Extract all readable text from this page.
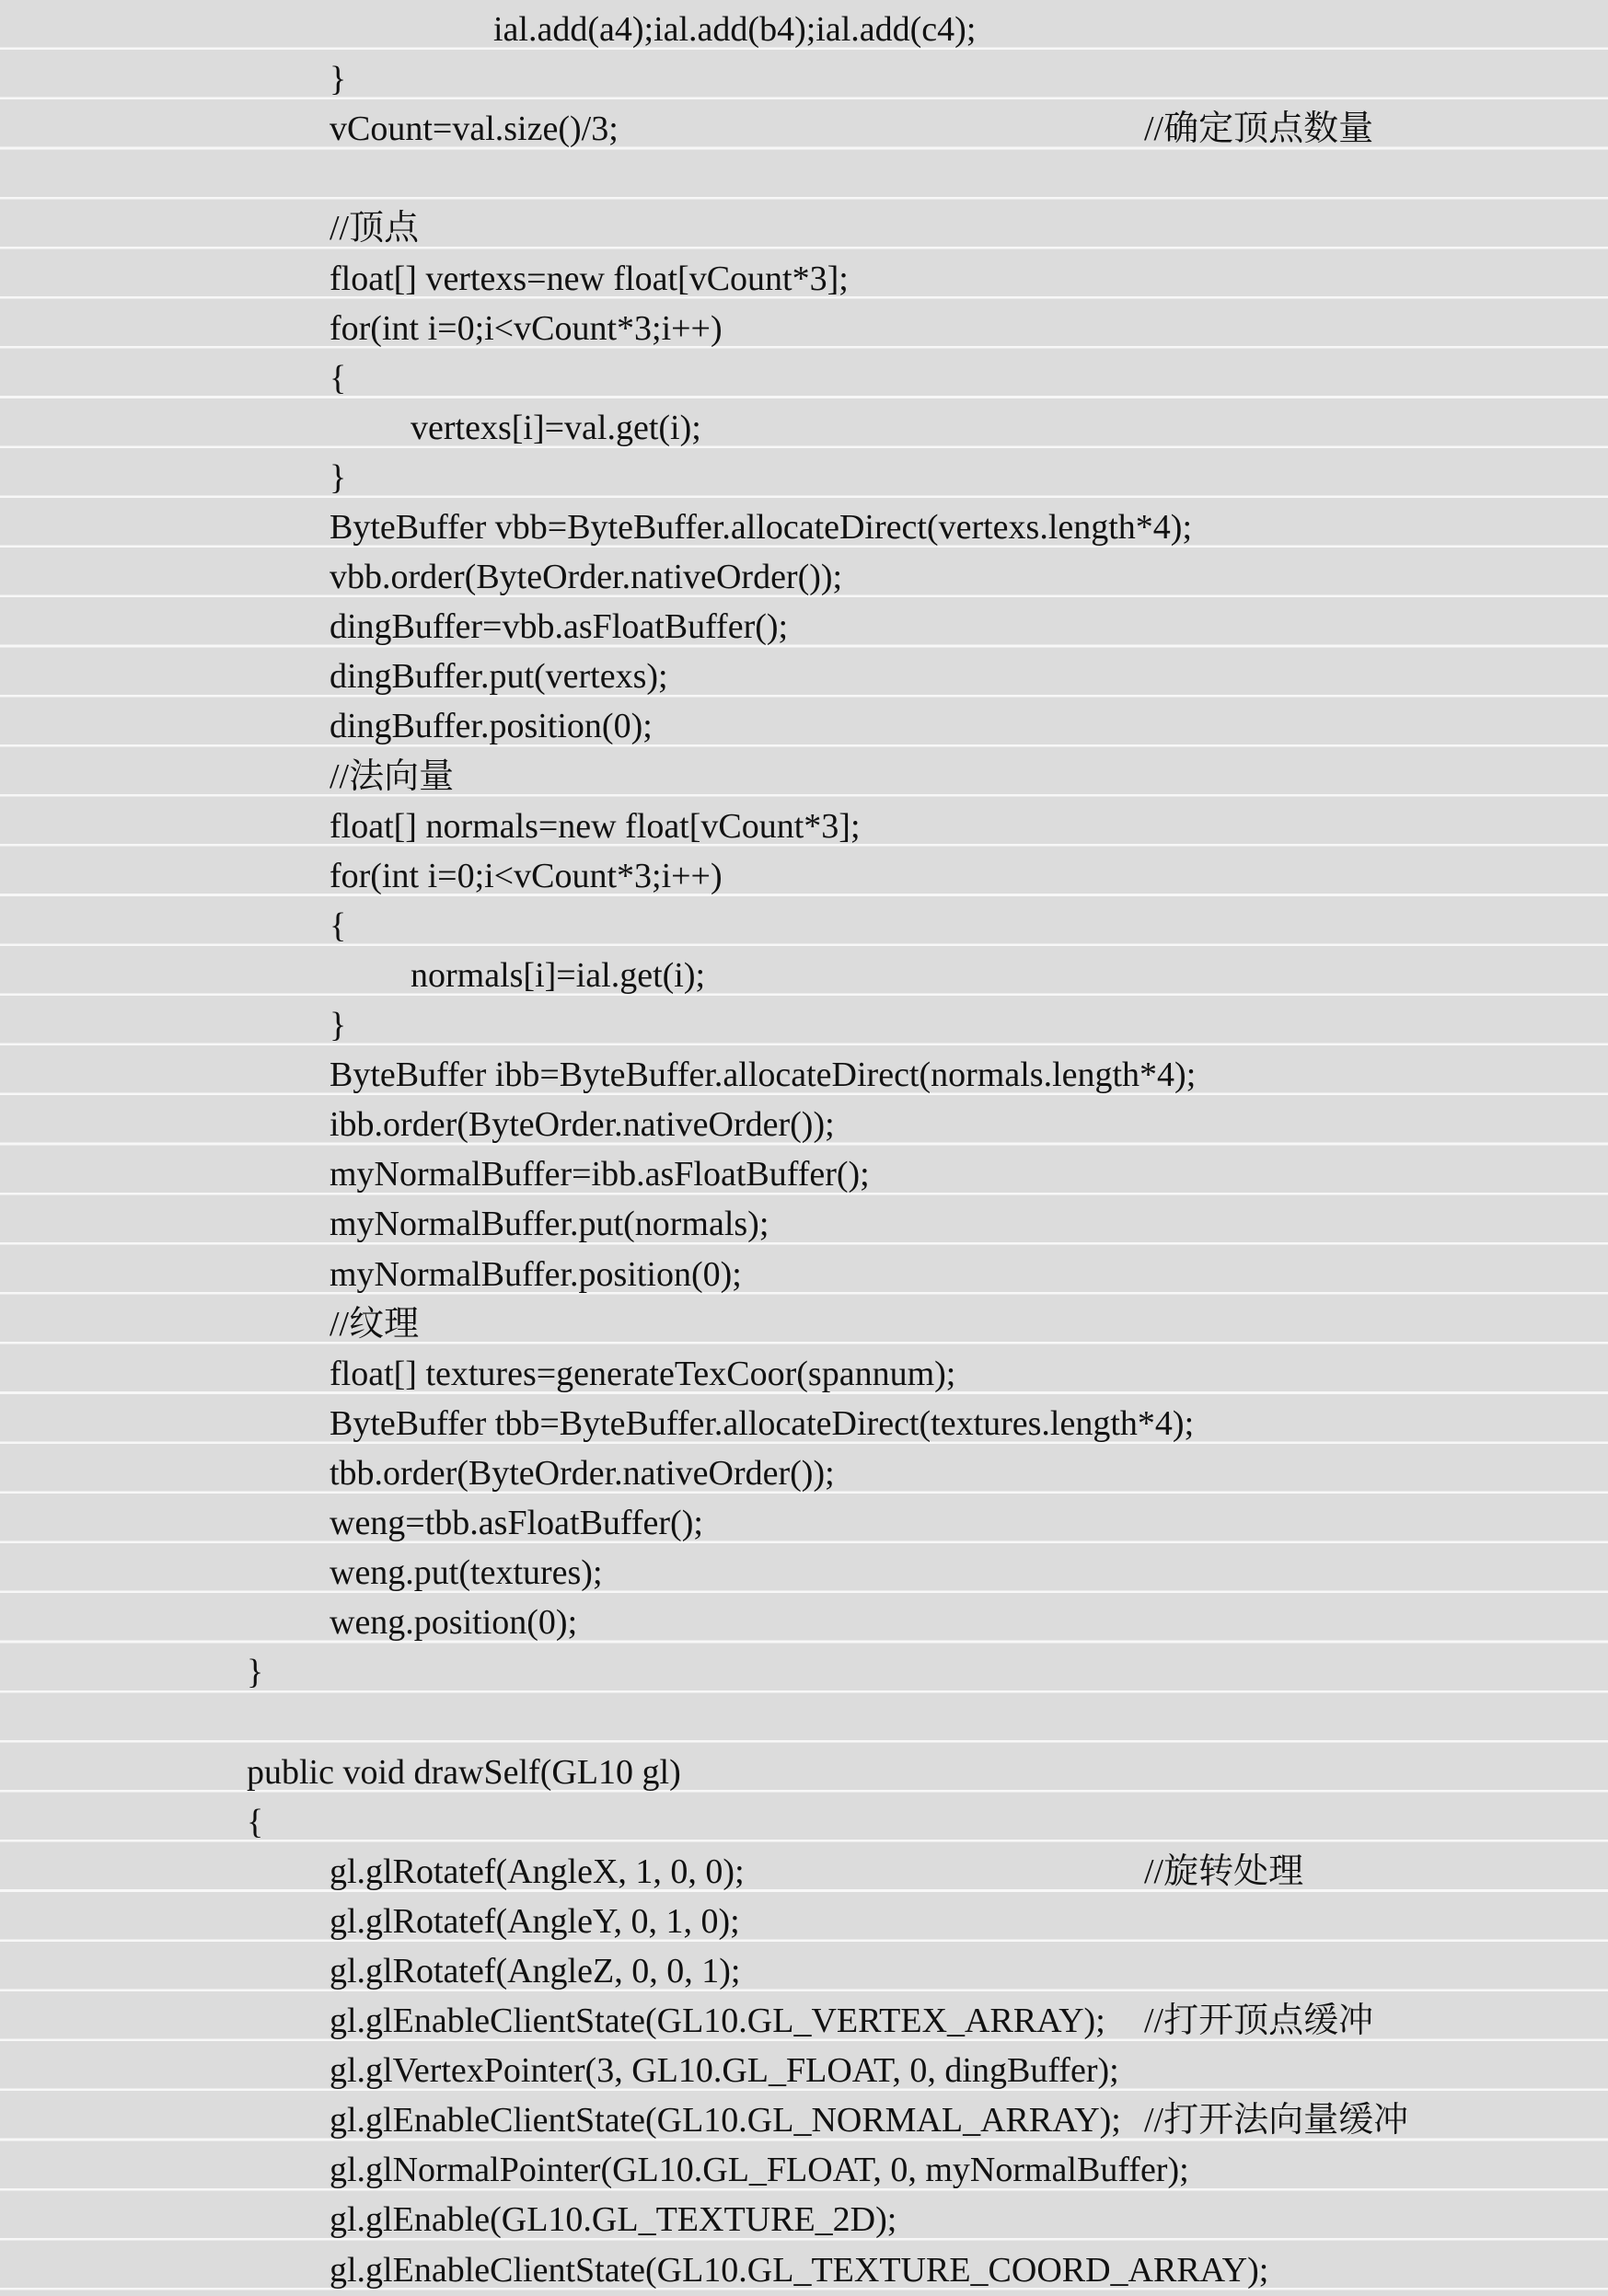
ial.add(a4);ial.add(b4);ial.add(c4);
}
vCount=val.size()/3;	//确定顶点数量
//顶点
float[] vertexs=new float[vCount*3];
for(int i=0;i<vCount*3;i++)
{
vertexs[i]=val.get(i);
}
ByteBuffer vbb=ByteBuffer.allocateDirect(vertexs.length*4);
vbb.order(ByteOrder.nativeOrder());
dingBuffer=vbb.asFloatBuffer();
dingBuffer.put(vertexs);
dingBuffer.position(0);
//法向量
float[] normals=new float[vCount*3];
for(int i=0;i<vCount*3;i++)
{
normals[i]=ial.get(i);
}
ByteBuffer ibb=ByteBuffer.allocateDirect(normals.length*4);
ibb.order(ByteOrder.nativeOrder());
myNormalBuffer=ibb.asFloatBuffer();
myNormalBuffer.put(normals);
myNormalBuffer.position(0);
//纹理
float[] textures=generateTexCoor(spannum);
ByteBuffer tbb=ByteBuffer.allocateDirect(textures.length*4);
tbb.order(ByteOrder.nativeOrder());
weng=tbb.asFloatBuffer();
weng.put(textures);
weng.position(0);
}
public void drawSelf(GL10 gl)
{
gl.glRotatef(AngleX, 1, 0, 0);	//旋转处理
gl.glRotatef(AngleY, 0, 1, 0);
gl.glRotatef(AngleZ, 0, 0, 1);
gl.glEnableClientState(GL10.GL_VERTEX_ARRAY); //打开顶点缓冲
gl.glVertexPointer(3, GL10.GL_FLOAT, 0, dingBuffer);
gl.glEnableClientState(GL10.GL_NORMAL_ARRAY); //打开法向量缓冲
gl.glNormalPointer(GL10.GL_FLOAT, 0, myNormalBuffer);
gl.glEnable(GL10.GL_TEXTURE_2D);
gl.glEnableClientState(GL10.GL_TEXTURE_COORD_ARRAY);
